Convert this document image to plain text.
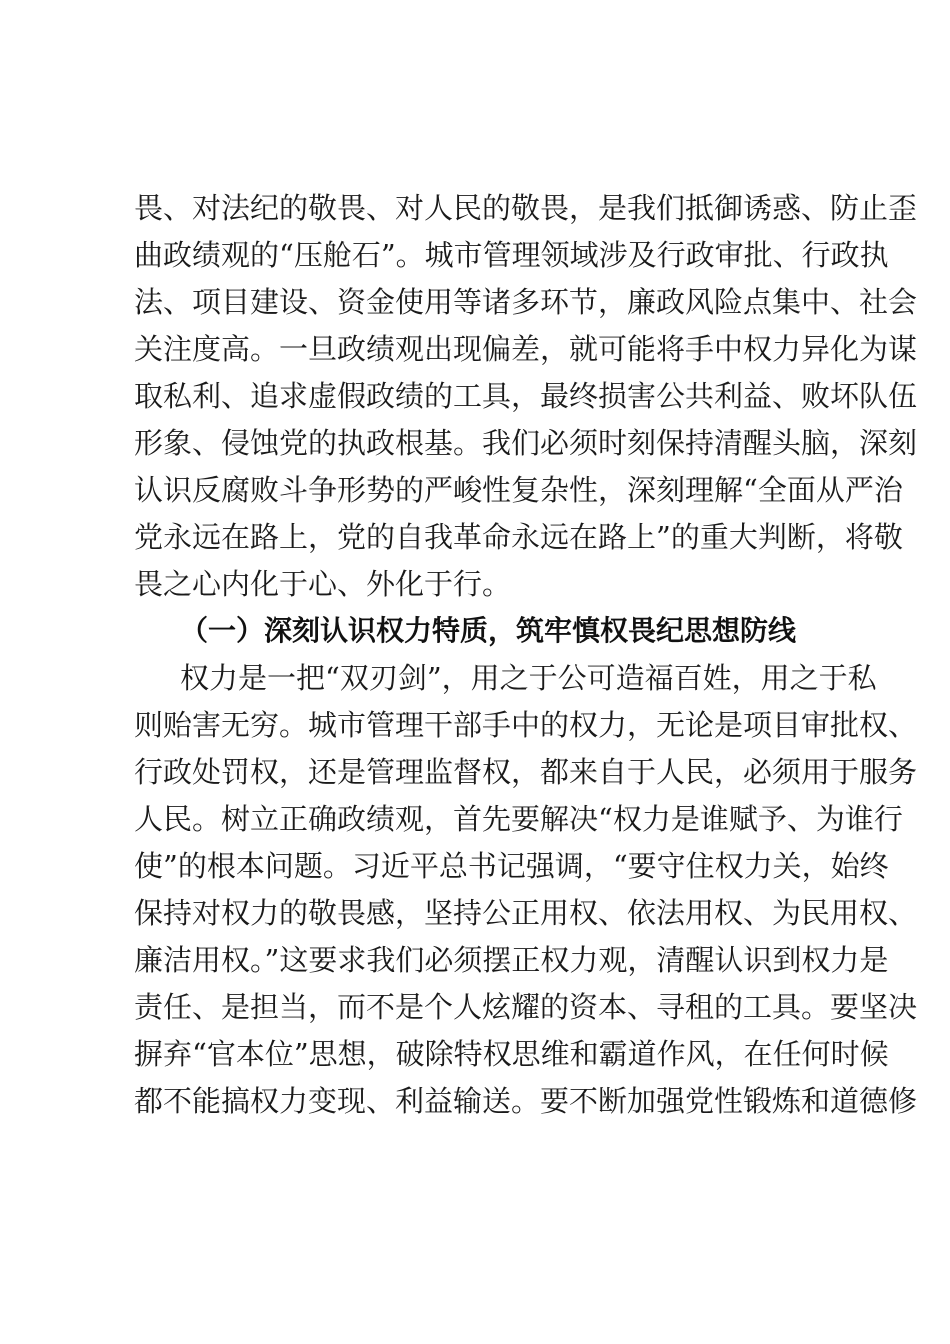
畏、对法纪的敬畏、对人民的敬畏，是我们抵御诱惑、防止歪
曲政绩观的“压舱石”。城市管理领域涉及行政审批、行政执
法、项目建设、资金使用等诸多环节，廉政风险点集中、社会
关注度高。一旦政绩观出现偏差，就可能将手中权力异化为谋
取私利、追求虚假政绩的工具，最终损害公共利益、败坏队伍
形象、侵蚀党的执政根基。我们必须时刻保持清醒头脑，深刻
认识反腐败斗争形势的严峻性复杂性，深刻理解“全面从严治
党永远在路上，党的自我革命永远在路上”的重大判断，将敬
畏之心内化于心、外化于行。
（一）深刻认识权力特质，筑牢慎权畏纪思想防线
权力是一把“双刃剑”，用之于公可造福百姓，用之于私
则贻害无穷。城市管理干部手中的权力，无论是项目审批权、
行政处罚权，还是管理监督权，都来自于人民，必须用于服务
人民。树立正确政绩观，首先要解决“权力是谁赋予、为谁行
使”的根本问题。习近平总书记强调，“要守住权力关，始终
保持对权力的敬畏感，坚持公正用权、依法用权、为民用权、
廉洁用权。”这要求我们必须摆正权力观，清醒认识到权力是
责任、是担当，而不是个人炫耀的资本、寻租的工具。要坚决
摒弃“官本位”思想，破除特权思维和霸道作风，在任何时候
都不能搞权力变现、利益输送。要不断加强党性锻炼和道德修
